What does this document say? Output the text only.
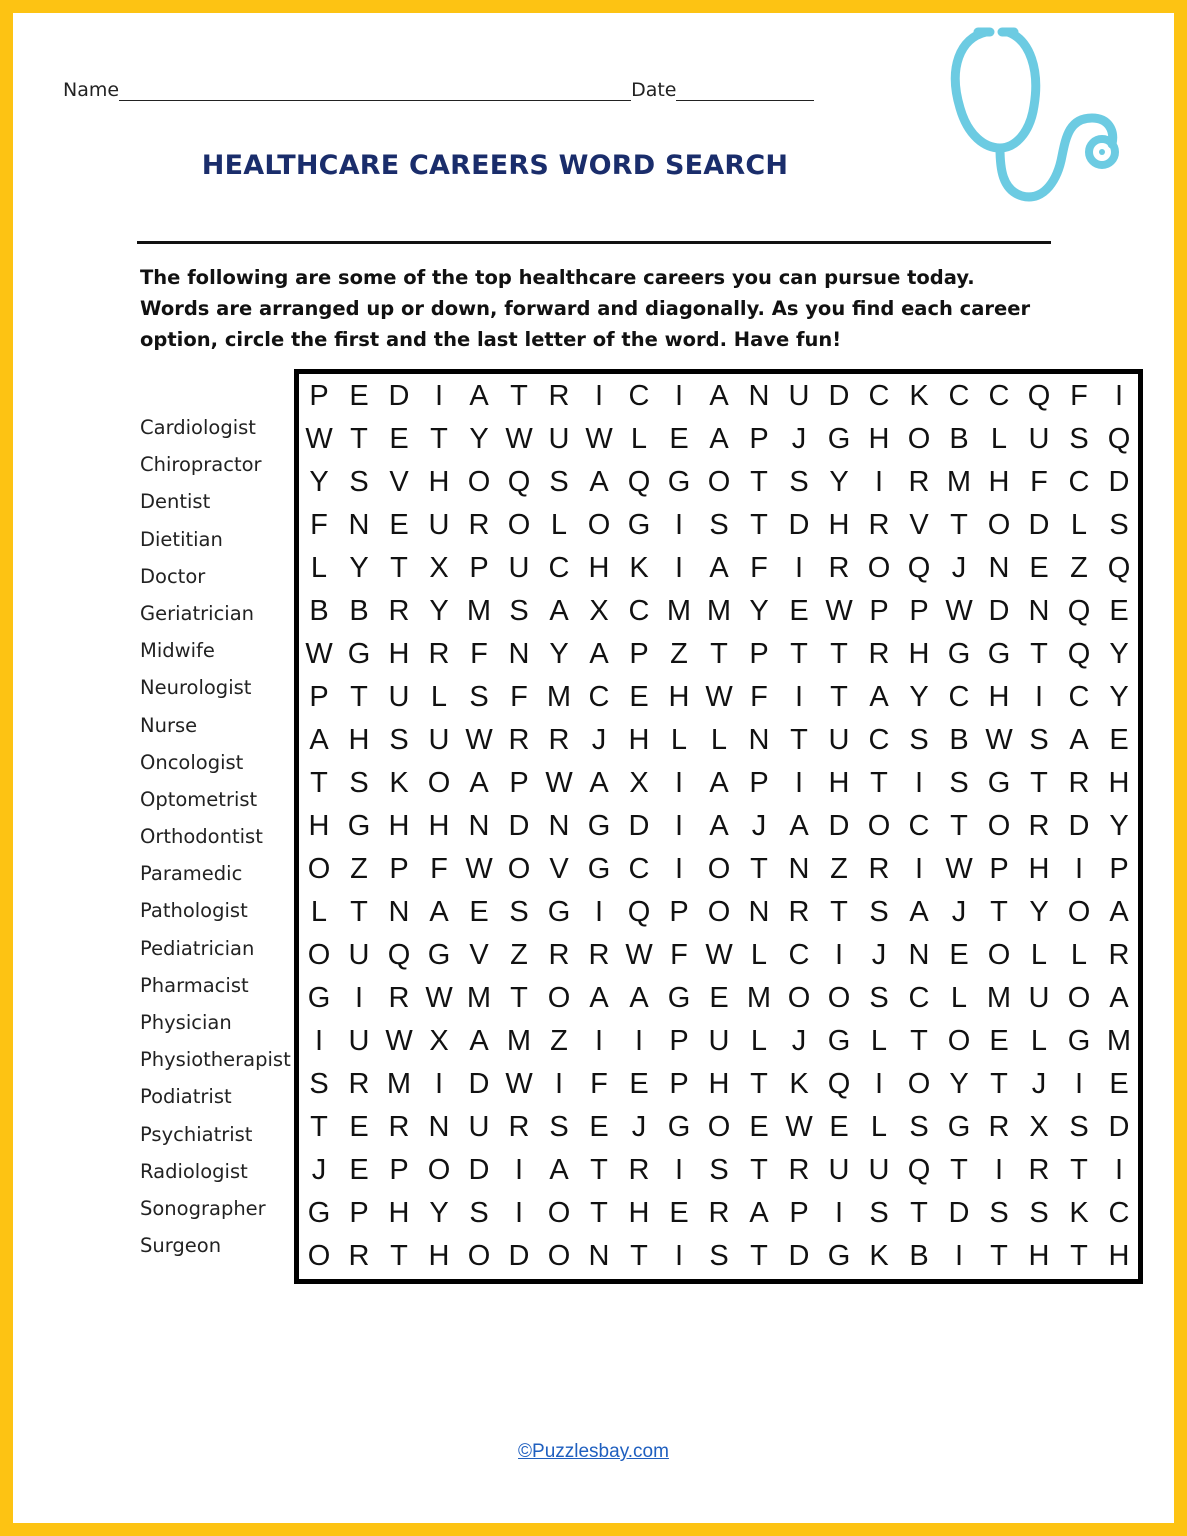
Name	Date
HEALTHCARE CAREERS WORD SEARCH
The following are some of the top healthcare careers you can pursue today. Words are arranged up or down, forward and diagonally. As you find each career option, circle the first and the last letter of the word. Have fun!
Cardiologist
Chiropractor
Dentist
Dietitian
Doctor
Geriatrician
Midwife
Neurologist
Nurse
Oncologist
Optometrist
Orthodontist
Paramedic
Pathologist
Pediatrician
Pharmacist
Physician
Physiotherapist
Podiatrist
Psychiatrist
Radiologist
Sonographer
Surgeon
P E D I A T R I C I A N U D C K C C Q F I
W T E T Y W U W L E A P J G H O B L U S Q
Y S V H O Q S A Q G O T S Y I R M H F C D
F N E U R O L O G I S T D H R V T O D L S
L Y T X P U C H K I A F I R O Q J N E Z Q
B B R Y M S A X C M M Y E W P P W D N Q E
W G H R F N Y A P Z T P T T R H G G T Q Y
P T U L S F M C E H W F I T A Y C H I C Y
A H S U W R R J H L L N T U C S B W S A E
T S K O A P W A X I A P I H T I S G T R H
H G H H N D N G D I A J A D O C T O R D Y
O Z P F W O V G C I O T N Z R I W P H I P
L T N A E S G I Q P O N R T S A J T Y O A
O U Q G V Z R R W F W L C I J N E O L L R
G I R W M T O A A G E M O O S C L M U O A
I U W X A M Z I	I P U L J G L T O E L G M
S R M I D W I F E P H T K Q I O Y T J I E
T E R N U R S E J G O E W E L S G R X S D
J E P O D I A T R I S T R U U Q T I R T I
G P H Y S I O T H E R A P I S T D S S K C
O R T H O D O N T I S T D G K B I T H T H
©Puzzlesbay.com
